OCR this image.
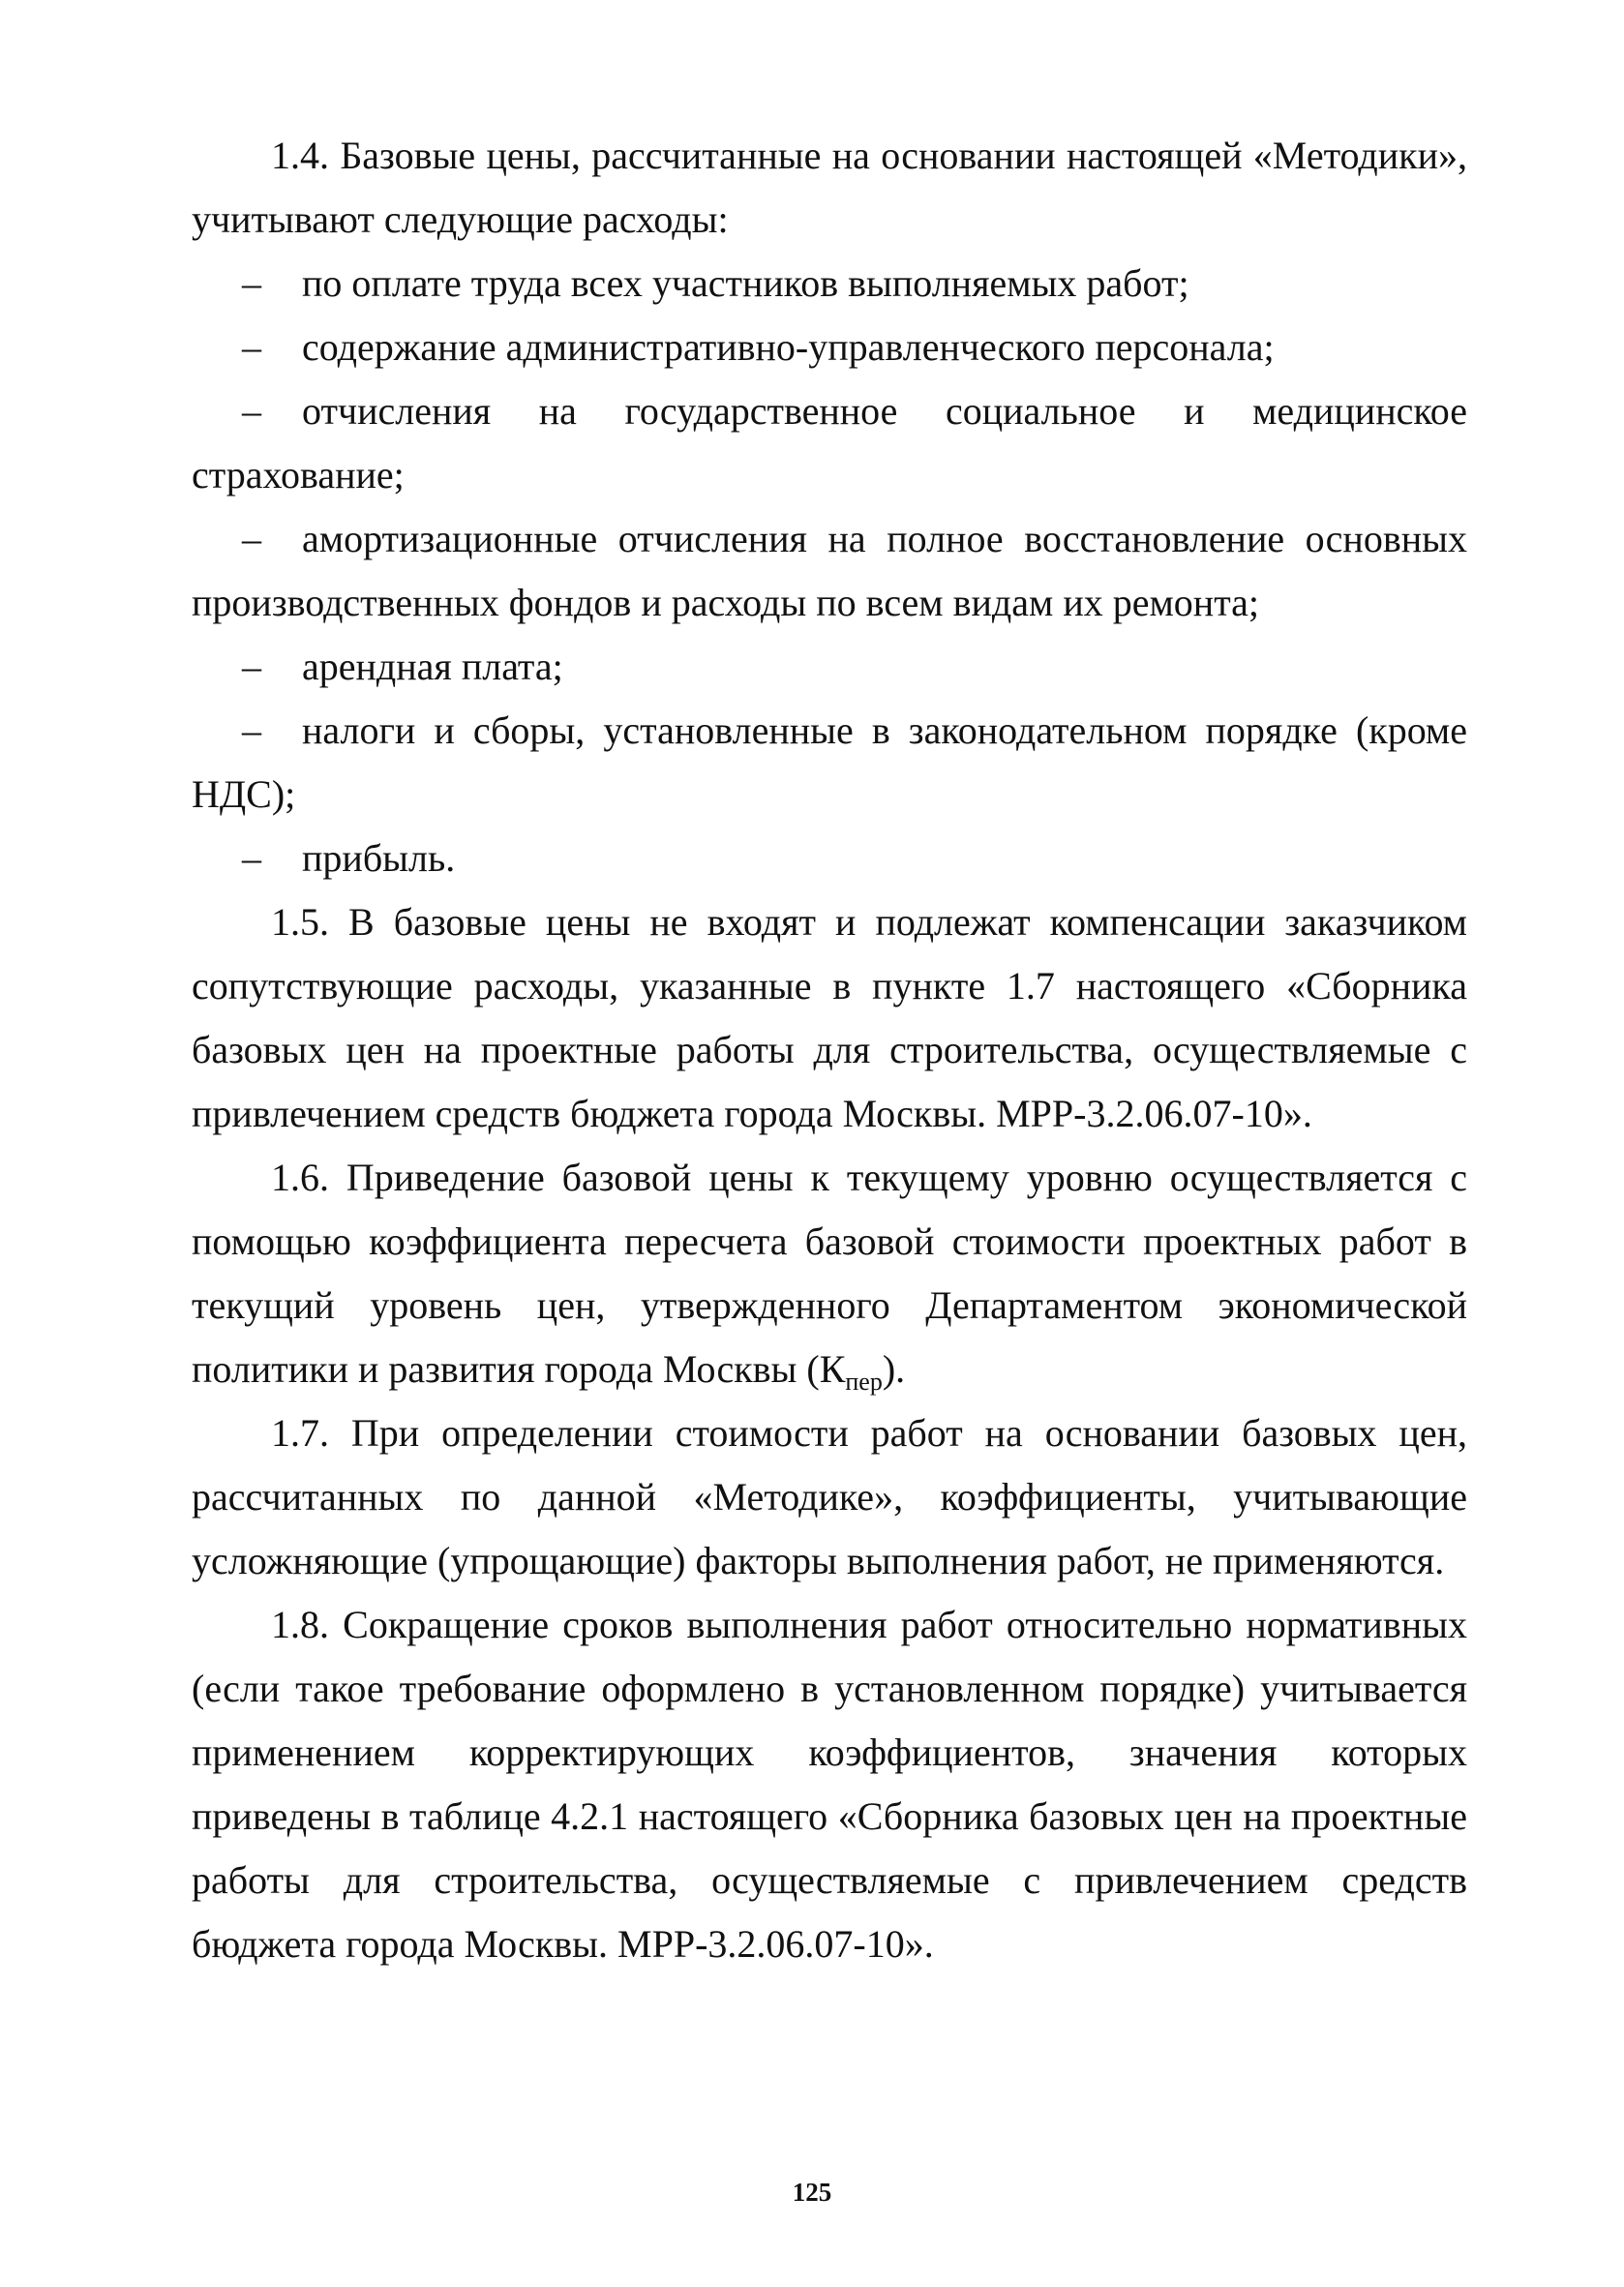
1.4. Базовые цены, рассчитанные на основании настоящей «Методики», учитывают следующие расходы:

– по оплате труда всех участников выполняемых работ;

– содержание административно-управленческого персонала;

– отчисления на государственное социальное и медицинское страхование;

– амортизационные отчисления на полное восстановление основных производственных фондов и расходы по всем видам их ремонта;

– арендная плата;

– налоги и сборы, установленные в законодательном порядке (кроме НДС);

– прибыль.

1.5. В базовые цены не входят и подлежат компенсации заказчиком сопутствующие расходы, указанные в пункте 1.7 настоящего «Сборника базовых цен на проектные работы для строительства, осуществляемые с привлечением средств бюджета города Москвы. МРР-3.2.06.07-10».

1.6. Приведение базовой цены к текущему уровню осуществляется с помощью коэффициента пересчета базовой стоимости проектных работ в текущий уровень цен, утвержденного Департаментом экономической политики и развития города Москвы $(К_{пер})$.

1.7. При определении стоимости работ на основании базовых цен, рассчитанных по данной «Методике», коэффициенты, учитывающие усложняющие (упрощающие) факторы выполнения работ, не применяются.

1.8. Сокращение сроков выполнения работ относительно нормативных (если такое требование оформлено в установленном порядке) учитывается применением корректирующих коэффициентов, значения которых приведены в таблице 4.2.1 настоящего «Сборника базовых цен на проектные работы для строительства, осуществляемые с привлечением средств бюджета города Москвы. МРР-3.2.06.07-10».

125
